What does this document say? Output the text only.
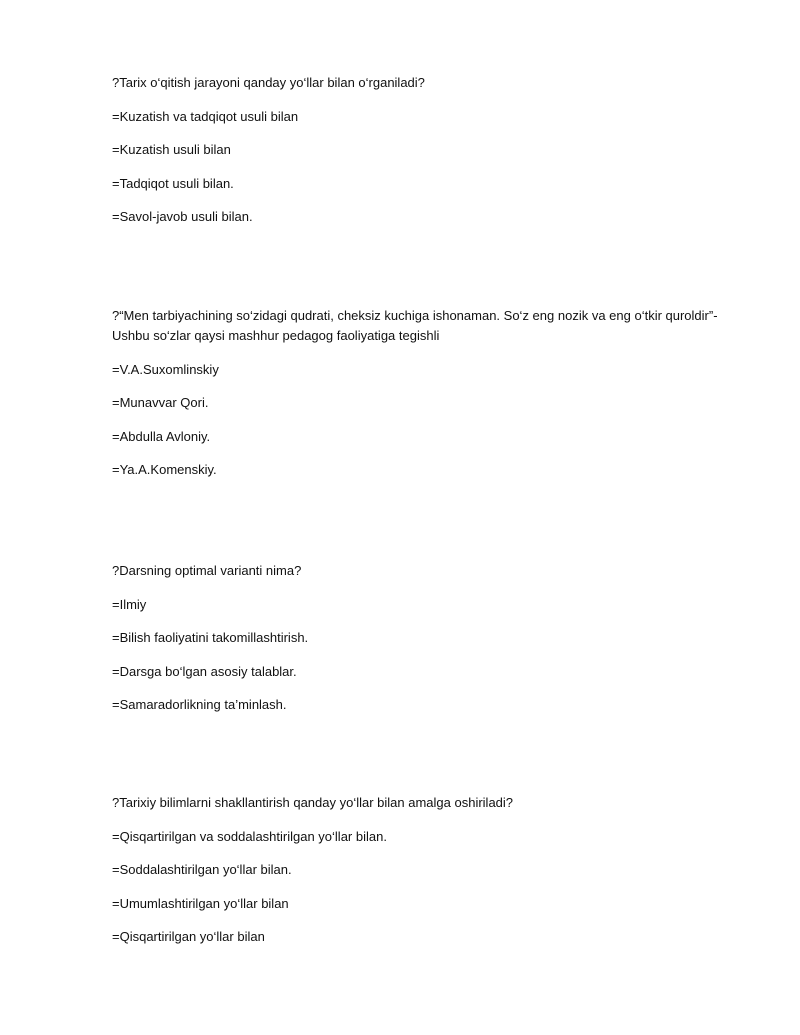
?Tarix o‘qitish jarayoni qanday yo‘llar bilan o‘rganiladi?

=Kuzatish va tadqiqot usuli bilan

=Kuzatish usuli bilan

=Tadqiqot usuli bilan.

=Savol-javob usuli bilan.

?“Men tarbiyachining so‘zidagi qudrati, cheksiz kuchiga ishonaman. So‘z eng nozik va eng o‘tkir quroldir”-

Ushbu so‘zlar qaysi mashhur pedagog faoliyatiga tegishli

=V.A.Suxomlinskiy

=Munavvar Qori.

=Abdulla Avloniy.

=Ya.A.Komenskiy.

?Darsning optimal varianti nima?

=Ilmiy

=Bilish faoliyatini takomillashtirish.

=Darsga bo‘lgan asosiy talablar.

=Samaradorlikning ta’minlash.

?Tarixiy bilimlarni shakllantirish qanday yo‘llar bilan amalga oshiriladi?

=Qisqartirilgan va soddalashtirilgan yo‘llar bilan.

=Soddalashtirilgan yo‘llar bilan.

=Umumlashtirilgan yo‘llar bilan

=Qisqartirilgan yo‘llar bilan
